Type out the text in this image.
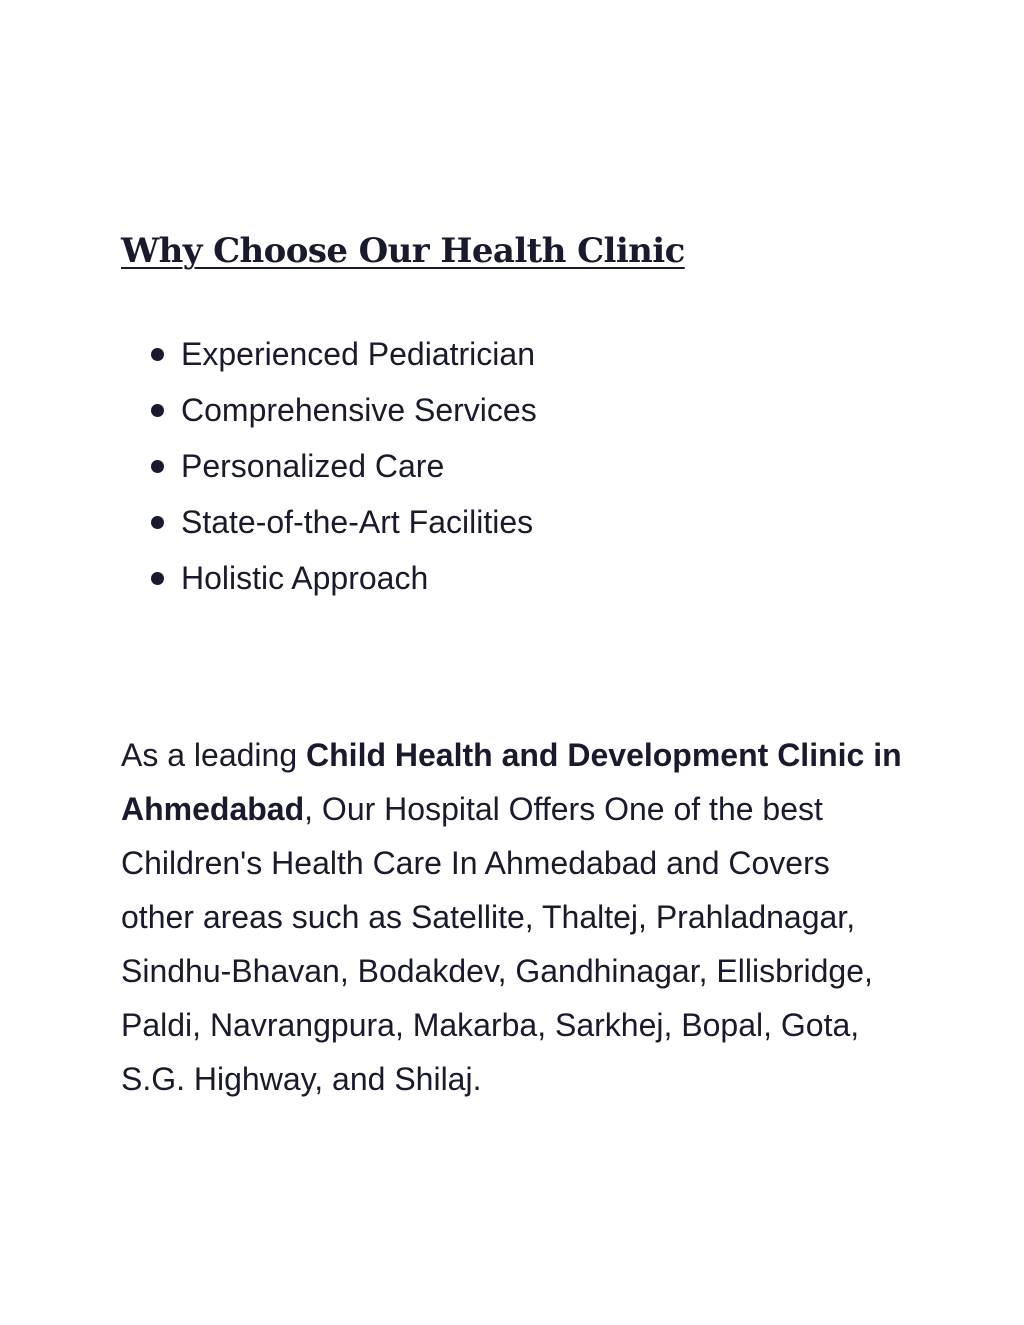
Why Choose Our Health Clinic
Experienced Pediatrician
Comprehensive Services
Personalized Care
State-of-the-Art Facilities
Holistic Approach

As a leading Child Health and Development Clinic in Ahmedabad, Our Hospital Offers One of the best Children's Health Care In Ahmedabad and Covers other areas such as Satellite, Thaltej, Prahladnagar, Sindhu-Bhavan, Bodakdev, Gandhinagar, Ellisbridge, Paldi, Navrangpura, Makarba, Sarkhej, Bopal, Gota, S.G. Highway, and Shilaj.
